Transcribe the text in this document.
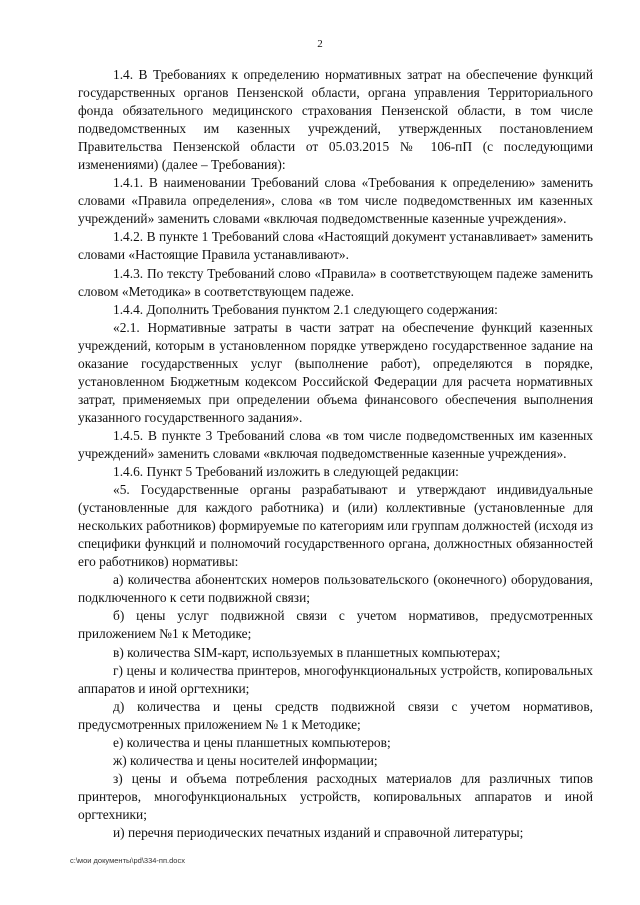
2

1.4. В Требованиях к определению нормативных затрат на обеспечение функций государственных органов Пензенской области, органа управления Территориального фонда обязательного медицинского страхования Пензенской области, в том числе подведомственных им казенных учреждений, утвержденных постановлением Правительства Пензенской области от 05.03.2015 № 106-пП (с последующими изменениями) (далее – Требования):

1.4.1. В наименовании Требований слова «Требования к определению» заменить словами «Правила определения», слова «в том числе подведомственных им казенных учреждений» заменить словами «включая подведомственные казенные учреждения».

1.4.2. В пункте 1 Требований слова «Настоящий документ устанавливает» заменить словами «Настоящие Правила устанавливают».

1.4.3. По тексту Требований слово «Правила» в соответствующем падеже заменить словом «Методика» в соответствующем падеже.

1.4.4. Дополнить Требования пунктом 2.1 следующего содержания:

«2.1. Нормативные затраты в части затрат на обеспечение функций казенных учреждений, которым в установленном порядке утверждено государственное задание на оказание государственных услуг (выполнение работ), определяются в порядке, установленном Бюджетным кодексом Российской Федерации для расчета нормативных затрат, применяемых при определении объема финансового обеспечения выполнения указанного государственного задания».

1.4.5. В пункте 3 Требований слова «в том числе подведомственных им казенных учреждений» заменить словами «включая подведомственные казенные учреждения».

1.4.6. Пункт 5 Требований изложить в следующей редакции:

«5. Государственные органы разрабатывают и утверждают индивидуальные (установленные для каждого работника) и (или) коллективные (установленные для нескольких работников) формируемые по категориям или группам должностей (исходя из специфики функций и полномочий государственного органа, должностных обязанностей его работников) нормативы:

а) количества абонентских номеров пользовательского (оконечного) оборудования, подключенного к сети подвижной связи;

б) цены услуг подвижной связи с учетом нормативов, предусмотренных приложением №1 к Методике;

в) количества SIM-карт, используемых в планшетных компьютерах;

г) цены и количества принтеров, многофункциональных устройств, копировальных аппаратов и иной оргтехники;

д) количества и цены средств подвижной связи с учетом нормативов, предусмотренных приложением № 1 к Методике;

е) количества и цены планшетных компьютеров;

ж) количества и цены носителей информации;

з) цены и объема потребления расходных материалов для различных типов принтеров, многофункциональных устройств, копировальных аппаратов и иной оргтехники;

и) перечня периодических печатных изданий и справочной литературы;

c:\мои документы\pd\334-пп.docx
